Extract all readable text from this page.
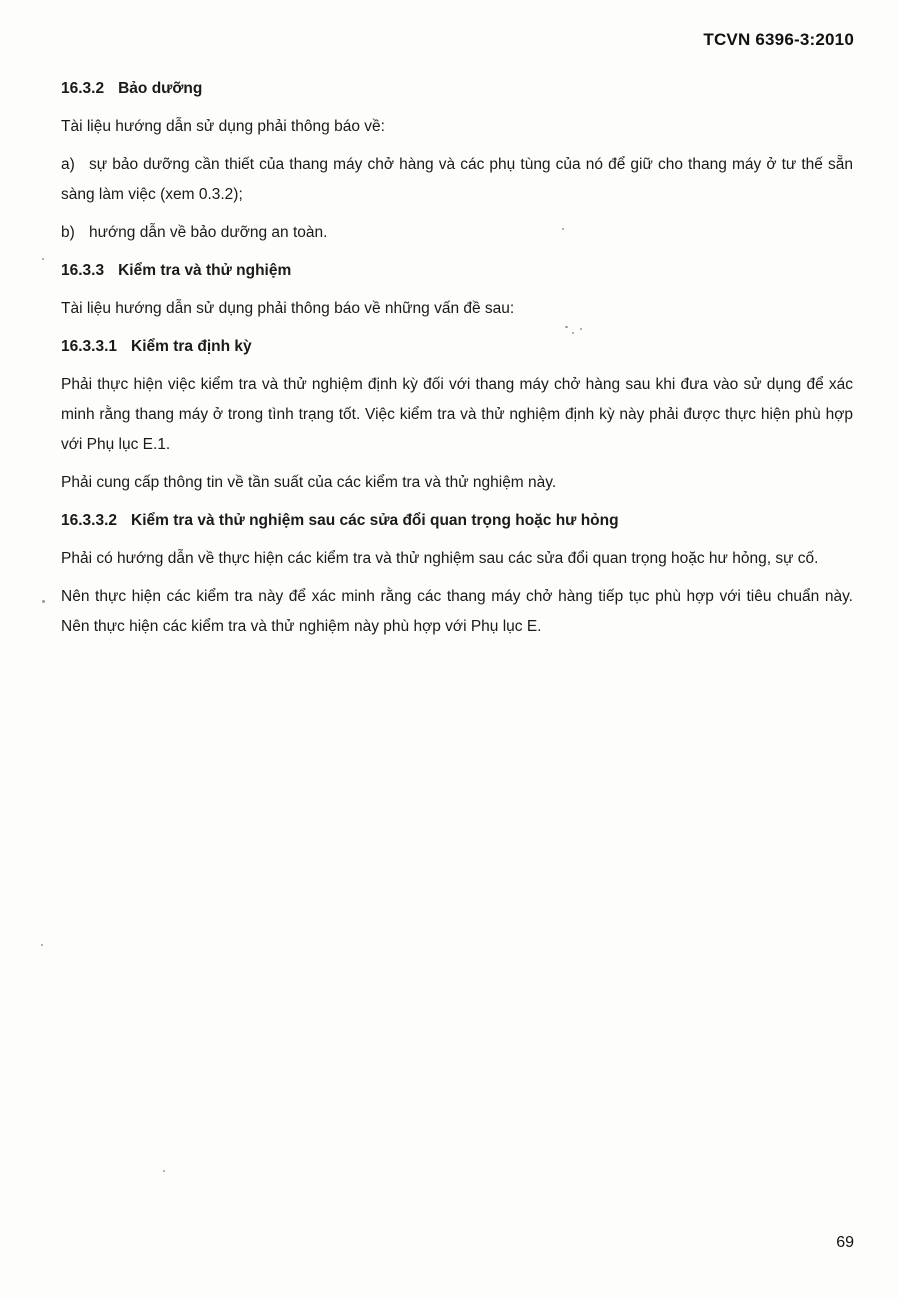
TCVN 6396-3:2010
16.3.2 Bảo dưỡng
Tài liệu hướng dẫn sử dụng phải thông báo về:
a) sự bảo dưỡng cần thiết của thang máy chở hàng và các phụ tùng của nó để giữ cho thang máy ở tư thế sẵn sàng làm việc (xem 0.3.2);
b) hướng dẫn về bảo dưỡng an toàn.
16.3.3 Kiểm tra và thử nghiệm
Tài liệu hướng dẫn sử dụng phải thông báo về những vấn đề sau:
16.3.3.1 Kiểm tra định kỳ
Phải thực hiện việc kiểm tra và thử nghiệm định kỳ đối với thang máy chở hàng sau khi đưa vào sử dụng để xác minh rằng thang máy ở trong tình trạng tốt. Việc kiểm tra và thử nghiệm định kỳ này phải được thực hiện phù hợp với Phụ lục E.1.
Phải cung cấp thông tin về tần suất của các kiểm tra và thử nghiệm này.
16.3.3.2 Kiểm tra và thử nghiệm sau các sửa đổi quan trọng hoặc hư hỏng
Phải có hướng dẫn về thực hiện các kiểm tra và thử nghiệm sau các sửa đổi quan trọng hoặc hư hỏng, sự cố.
Nên thực hiện các kiểm tra này để xác minh rằng các thang máy chở hàng tiếp tục phù hợp với tiêu chuẩn này. Nên thực hiện các kiểm tra và thử nghiệm này phù hợp với Phụ lục E.
69
